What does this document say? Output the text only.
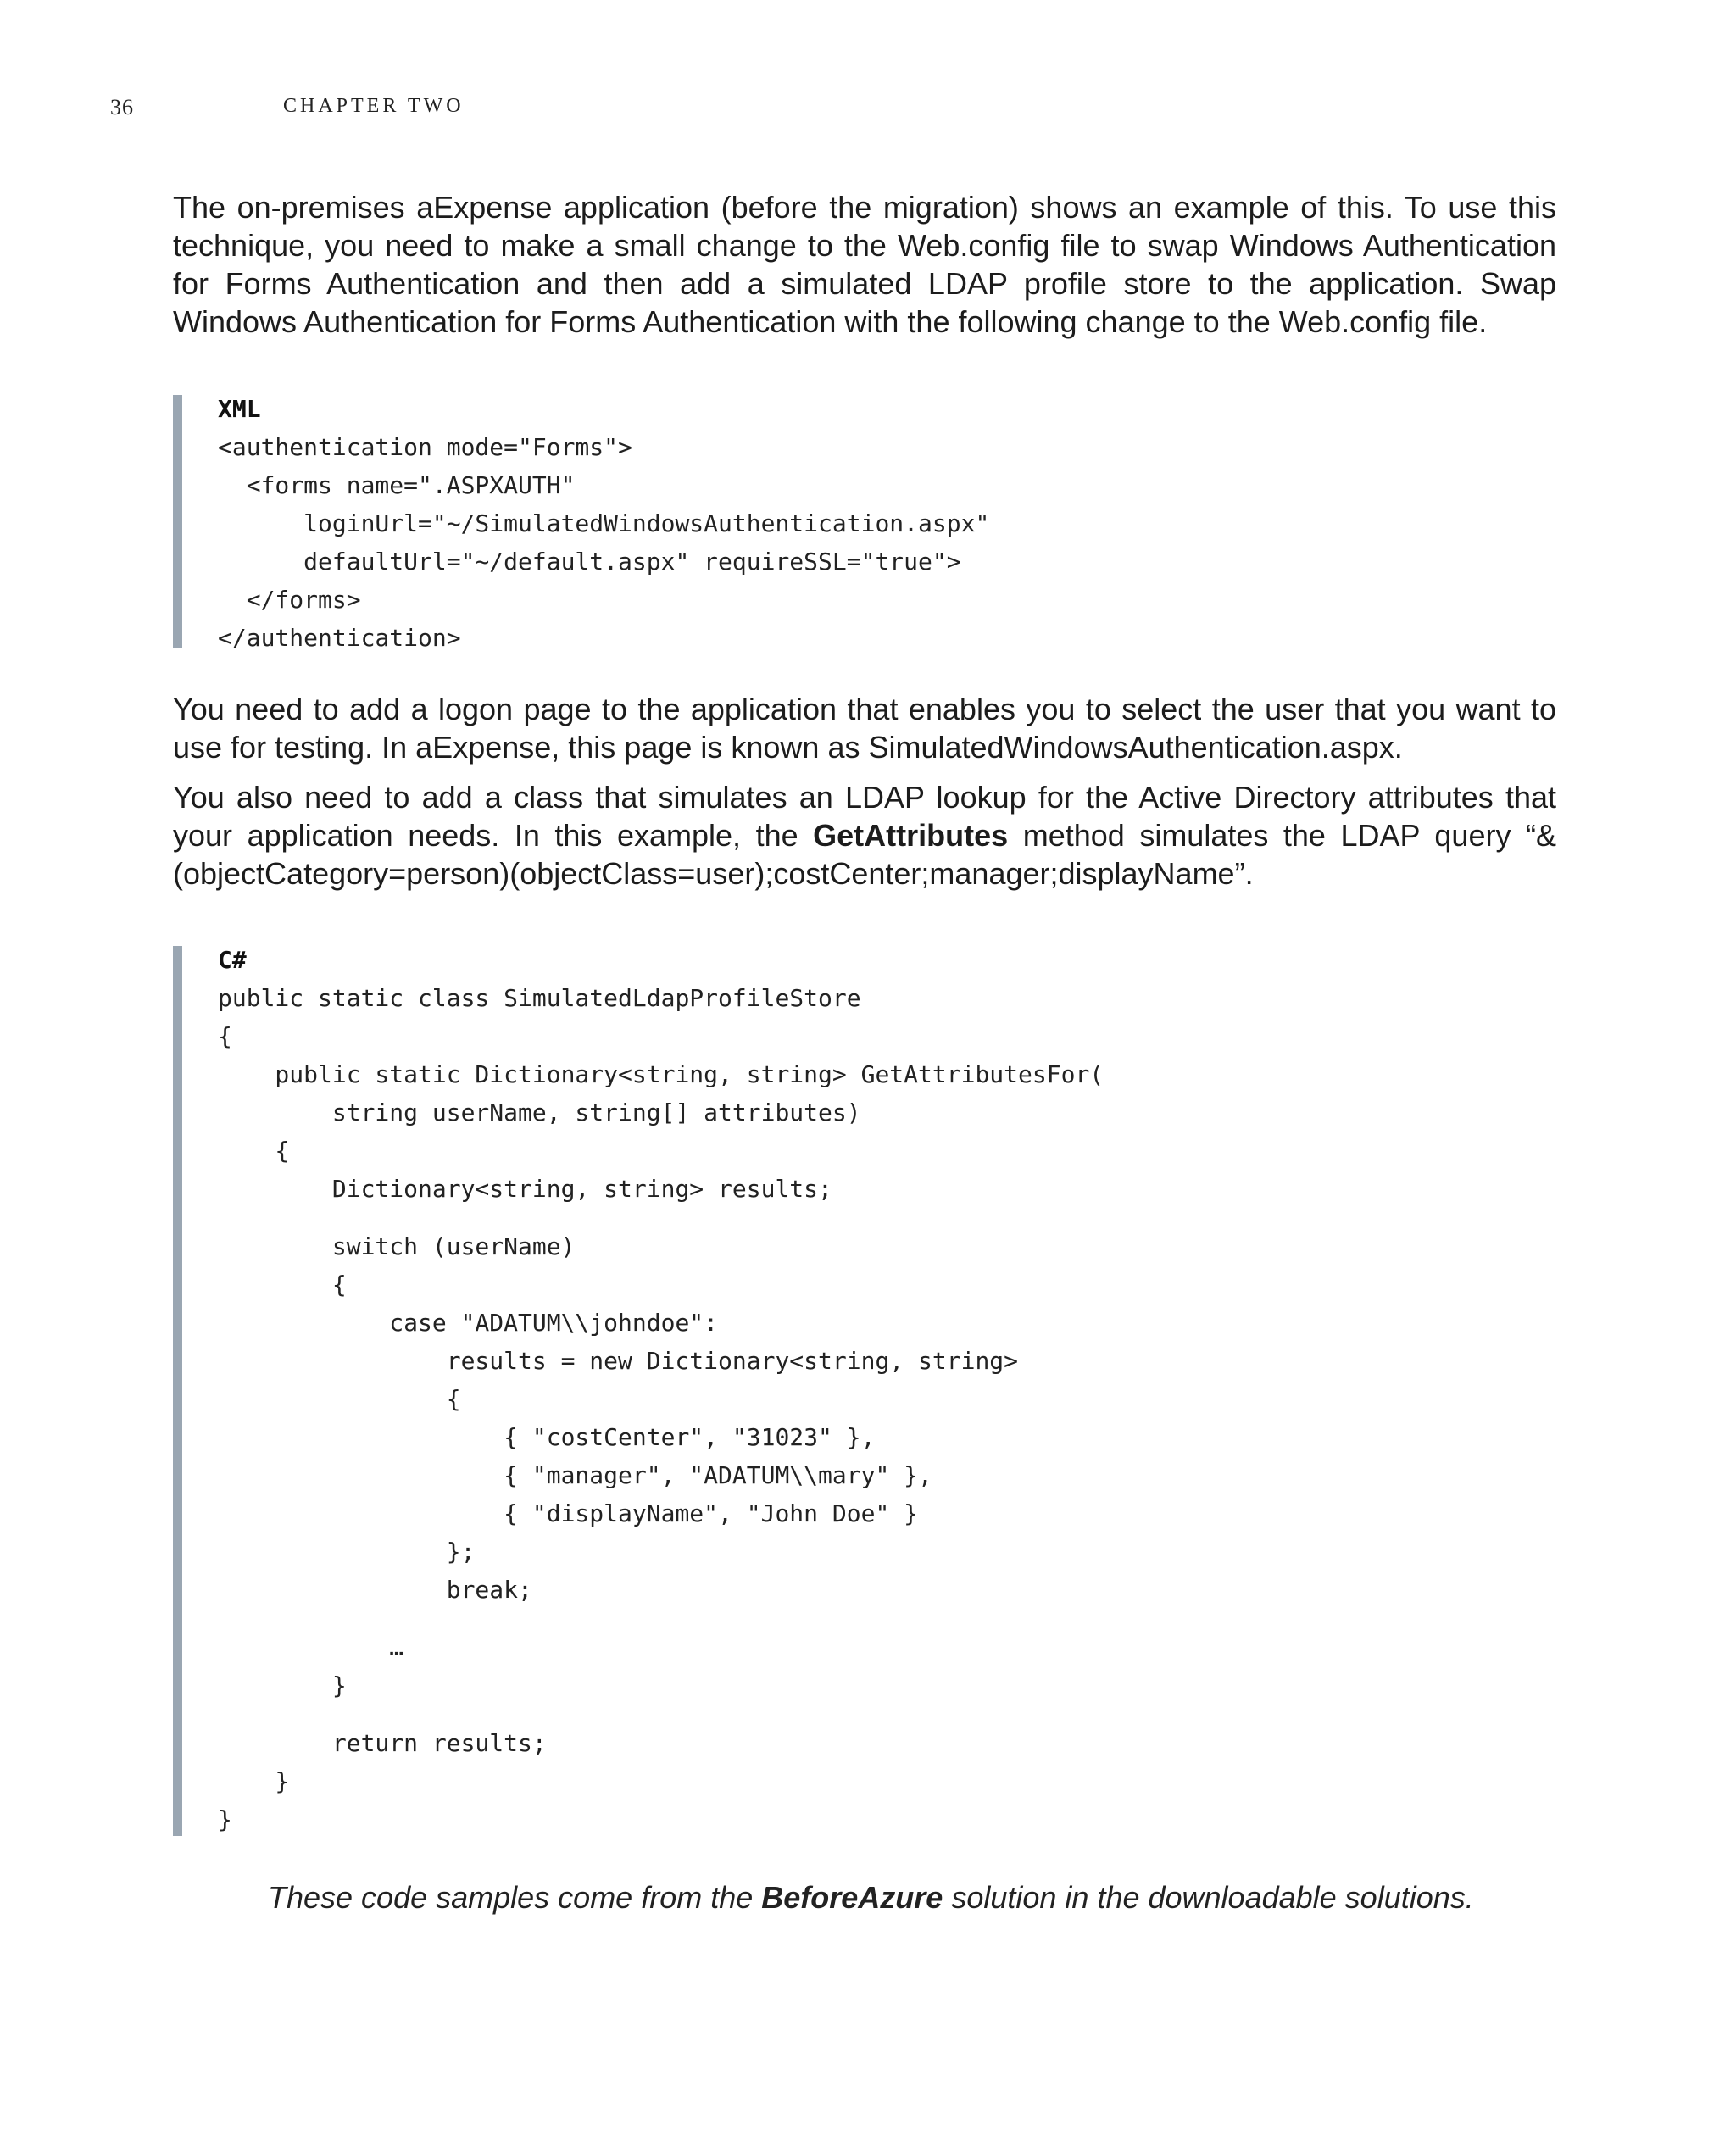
36	CHAPTER TWO

The on-premises aExpense application (before the migration) shows an example of this. To use this technique, you need to make a small change to the Web.config file to swap Windows Authentication for Forms Authentication and then add a simulated LDAP profile store to the application. Swap Windows Authentication for Forms Authentication with the following change to the Web.config file.

XML
<authentication mode="Forms">
<forms name=".ASPXAUTH"
loginUrl="~/SimulatedWindowsAuthentication.aspx"
defaultUrl="~/default.aspx" requireSSL="true">
</forms>
</authentication>

You need to add a logon page to the application that enables you to select the user that you want to use for testing. In aExpense, this page is known as SimulatedWindowsAuthentication.aspx.

You also need to add a class that simulates an LDAP lookup for the Active Directory attributes that your application needs. In this example, the GetAttributes method simulates the LDAP query “&(objectCategory=person)(objectClass=user);costCenter;manager;displayName”.

C#
public static class SimulatedLdapProfileStore
{
public static Dictionary<string, string> GetAttributesFor(
string userName, string[] attributes)
{
Dictionary<string, string> results;
switch (userName)
{
case "ADATUM\\johndoe":
results = new Dictionary<string, string>
{
{ "costCenter", "31023" },
{ "manager", "ADATUM\\mary" },
{ "displayName", "John Doe" }
};
break;
…
}
return results;
}
}

These code samples come from the BeforeAzure solution in the downloadable solutions.
